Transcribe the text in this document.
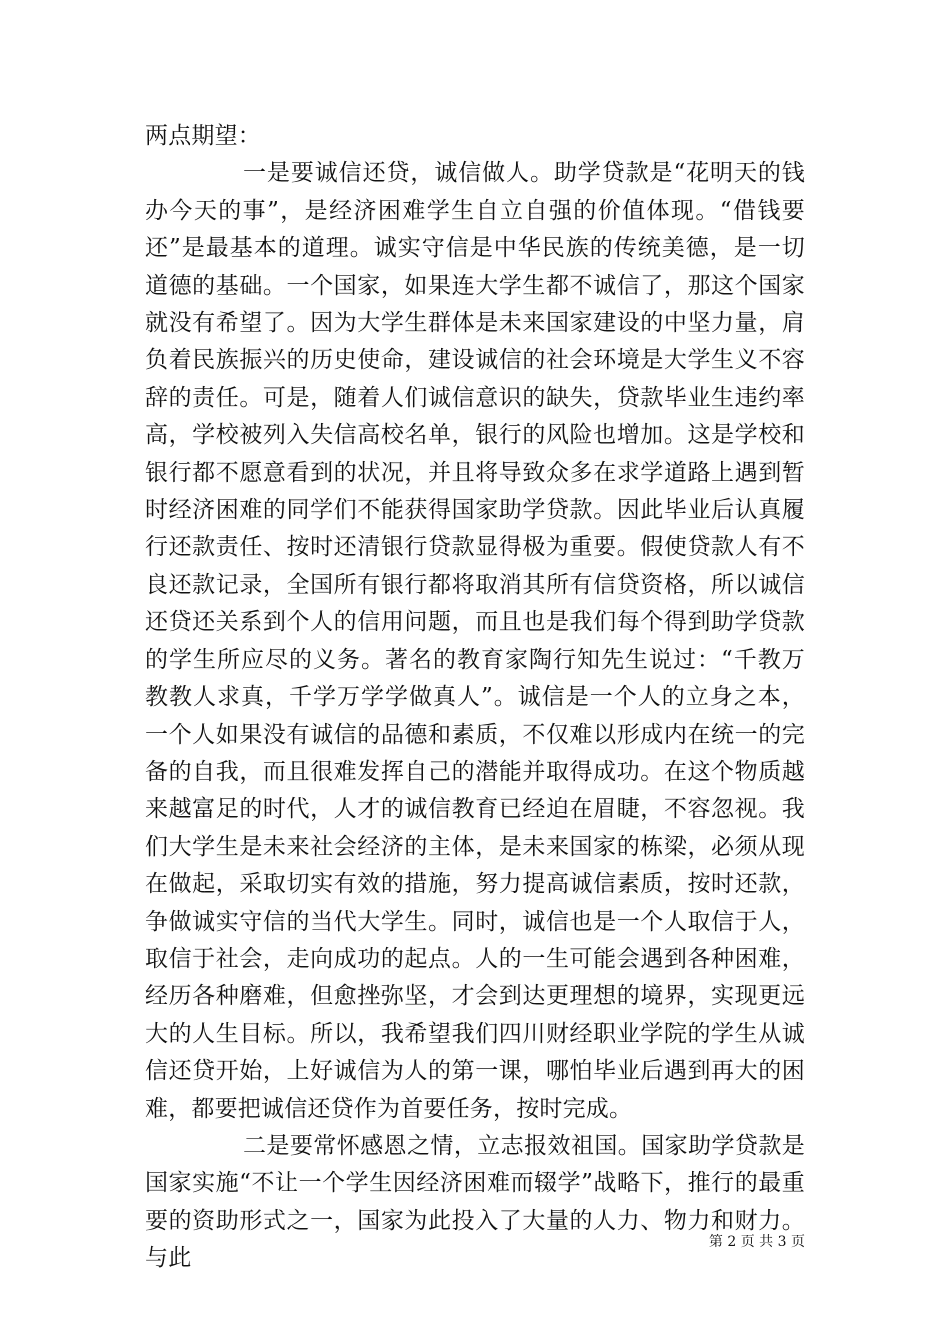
两点期望：

一是要诚信还贷，诚信做人。助学贷款是“花明天的钱办今天的事”，是经济困难学生自立自强的价值体现。“借钱要还”是最基本的道理。诚实守信是中华民族的传统美德，是一切道德的基础。一个国家，如果连大学生都不诚信了，那这个国家就没有希望了。因为大学生群体是未来国家建设的中坚力量，肩负着民族振兴的历史使命，建设诚信的社会环境是大学生义不容辞的责任。可是，随着人们诚信意识的缺失，贷款毕业生违约率高，学校被列入失信高校名单，银行的风险也增加。这是学校和银行都不愿意看到的状况，并且将导致众多在求学道路上遇到暂时经济困难的同学们不能获得国家助学贷款。因此毕业后认真履行还款责任、按时还清银行贷款显得极为重要。假使贷款人有不良还款记录，全国所有银行都将取消其所有信贷资格，所以诚信还贷还关系到个人的信用问题，而且也是我们每个得到助学贷款的学生所应尽的义务。著名的教育家陶行知先生说过：“千教万教教人求真，千学万学学做真人”。诚信是一个人的立身之本，一个人如果没有诚信的品德和素质，不仅难以形成内在统一的完备的自我，而且很难发挥自己的潜能并取得成功。在这个物质越来越富足的时代，人才的诚信教育已经迫在眉睫，不容忽视。我们大学生是未来社会经济的主体，是未来国家的栋梁，必须从现在做起，采取切实有效的措施，努力提高诚信素质，按时还款，争做诚实守信的当代大学生。同时，诚信也是一个人取信于人，取信于社会，走向成功的起点。人的一生可能会遇到各种困难，经历各种磨难，但愈挫弥坚，才会到达更理想的境界，实现更远大的人生目标。所以，我希望我们四川财经职业学院的学生从诚信还贷开始，上好诚信为人的第一课，哪怕毕业后遇到再大的困难，都要把诚信还贷作为首要任务，按时完成。

二是要常怀感恩之情，立志报效祖国。国家助学贷款是国家实施“不让一个学生因经济困难而辍学”战略下，推行的最重要的资助形式之一，国家为此投入了大量的人力、物力和财力。与此

第 2 页 共 3 页
